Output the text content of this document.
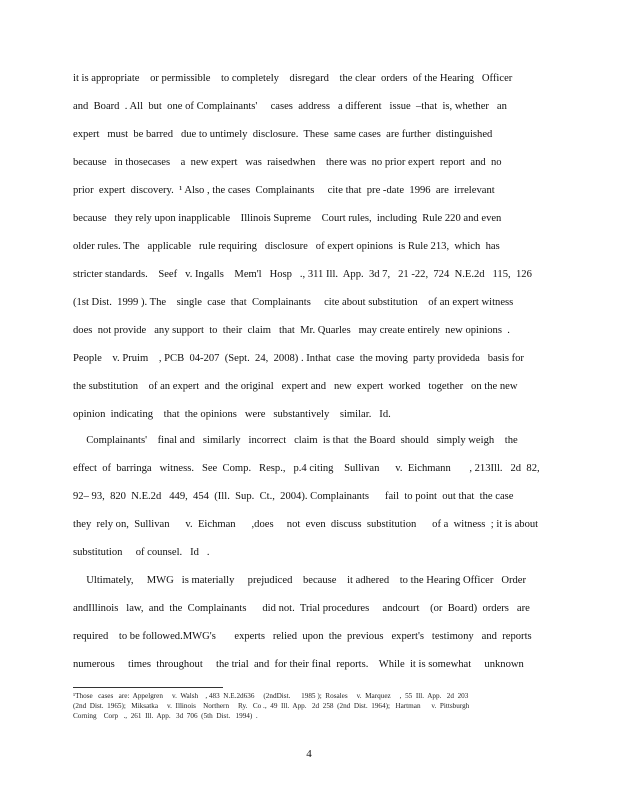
it is appropriate    or permissible    to completely    disregard    the clear  orders  of the Hearing   Officer
and  Board  . All  but  one of Complainants'     cases  address   a different   issue  –that  is, whether   an
expert   must  be barred   due to untimely  disclosure.  These  same cases  are further  distinguished
because   in thosecases    a  new expert   was  raisedwhen    there was  no prior expert  report  and  no
prior  expert  discovery.  ¹ Also , the cases  Complainants     cite that  pre -date  1996  are  irrelevant
because   they rely upon inapplicable    Illinois Supreme    Court rules,  including  Rule 220 and even
older rules. The   applicable   rule requiring   disclosure   of expert opinions  is Rule 213,  which  has
stricter standards.    Seef   v. Ingalls    Mem'l   Hosp   ., 311 Ill.  App.  3d 7,   21 -22,  724  N.E.2d   115,  126
(1st Dist.  1999 ). The    single  case  that  Complainants     cite about substitution    of an expert witness
does  not provide   any support  to  their  claim   that  Mr. Quarles   may create entirely  new opinions  .
People    v. Pruim    , PCB  04-207  (Sept.  24,  2008) . Inthat  case  the moving  party provideda   basis for
the substitution    of an expert  and  the original   expert and   new  expert  worked   together   on the new
opinion  indicating    that  the opinions   were   substantively    similar.   Id.
Complainants'    final and   similarly   incorrect   claim  is that  the Board  should   simply weigh    the
effect  of  barringa   witness.   See  Comp.   Resp.,   p.4 citing    Sullivan      v.  Eichmann       , 213Ill.   2d  82,
92– 93,  820  N.E.2d   449,  454  (Ill.  Sup.  Ct.,  2004). Complainants      fail  to point  out that  the case
they  rely on,  Sullivan      v.  Eichman      ,does     not  even  discuss  substitution      of a  witness  ; it is about
substitution     of counsel.   Id   .
Ultimately,     MWG   is materially     prejudiced    because    it adhered    to the Hearing Officer   Order
andIllinois   law,  and  the  Complainants      did not.  Trial procedures     andcourt    (or  Board)  orders   are
required    to be followed.MWG's       experts   relied  upon  the  previous   expert's   testimony   and  reports
numerous     times  throughout     the trial  and  for their final  reports.    While  it is somewhat     unknown
¹Those   cases   are:  Appelgren     v.  Walsh    , 483  N.E.2d636     (2ndDist.      1985 );  Rosales     v.  Marquez     ,  55  Ill.  App.   2d  203
(2nd  Dist.  1965);   Miksatka     v.  Illinois    Northern     Ry.   Co .,  49  Ill.  App.   2d  258  (2nd  Dist.  1964);   Hartman      v.  Pittsburgh
Corning    Corp   .,  261  Ill.  App.   3d  706  (5th  Dist.   1994)  .
4
